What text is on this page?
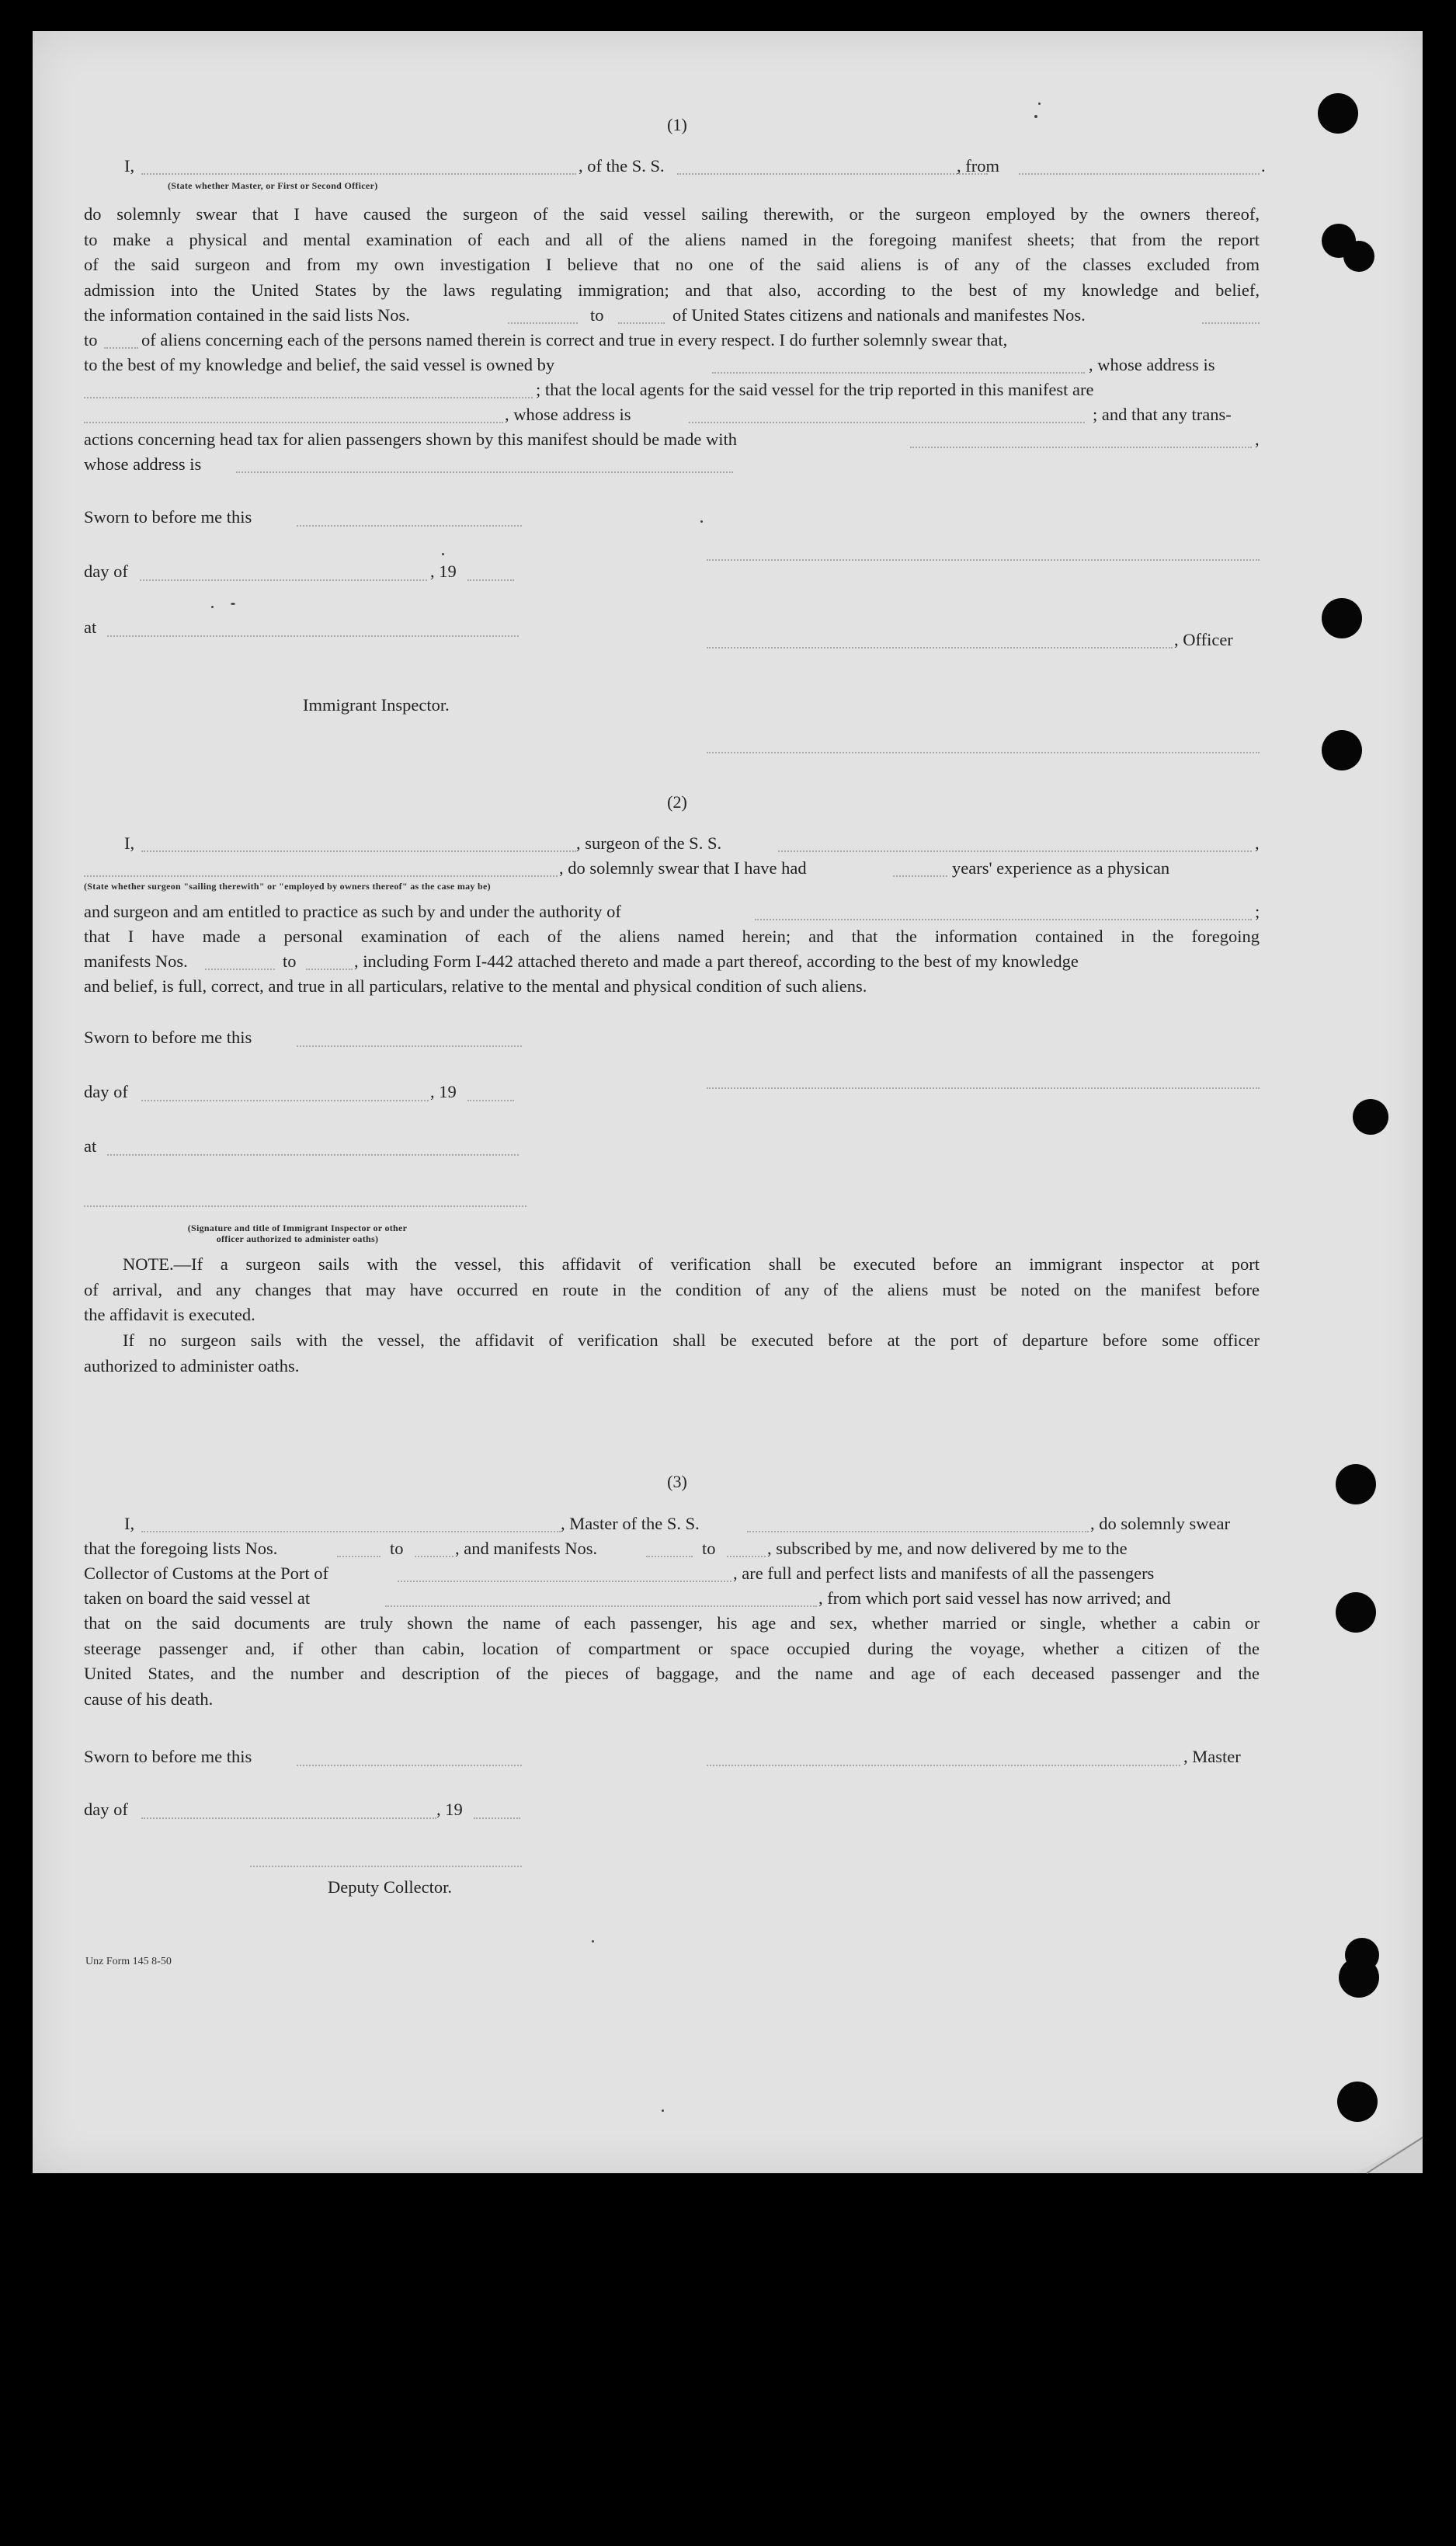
(1)
I,	, of the S. S.	, from	.
(State whether Master, or First or Second Officer)
do solemnly swear that I have caused the surgeon of the said vessel sailing therewith, or the surgeon employed by the owners thereof,
to make a physical and mental examination of each and all of the aliens named in the foregoing manifest sheets; that from the report
of the said surgeon and from my own investigation I believe that no one of the said aliens is of any of the classes excluded from
admission into the United States by the laws regulating immigration; and that also, according to the best of my knowledge and belief,
the information contained in the said lists Nos.	to	of United States citizens and nationals and manifestes Nos.
to	of aliens concerning each of the persons named therein is correct and true in every respect. I do further solemnly swear that,
to the best of my knowledge and belief, the said vessel is owned by	, whose address is
; that the local agents for the said vessel for the trip reported in this manifest are
, whose address is	; and that any trans-
actions concerning head tax for alien passengers shown by this manifest should be made with	,
whose address is
Sworn to before me this
day of	, 19
at
, Officer
Immigrant Inspector.
(2)
I,	, surgeon of the S. S.	,
, do solemnly swear that I have had	years' experience as a physican
(State whether surgeon "sailing therewith" or "employed by owners thereof" as the case may be)
and surgeon and am entitled to practice as such by and under the authority of	;
that I have made a personal examination of each of the aliens named herein; and that the information contained in the foregoing
manifests Nos.	to	, including Form I-442 attached thereto and made a part thereof, according to the best of my knowledge
and belief, is full, correct, and true in all particulars, relative to the mental and physical condition of such aliens.
Sworn to before me this
day of	, 19
at
(Signature and title of Immigrant Inspector or other
officer authorized to administer oaths)
NOTE.—If a surgeon sails with the vessel, this affidavit of verification shall be executed before an immigrant inspector at port
of arrival, and any changes that may have occurred en route in the condition of any of the aliens must be noted on the manifest before
the affidavit is executed.
If no surgeon sails with the vessel, the affidavit of verification shall be executed before at the port of departure before some officer
authorized to administer oaths.
(3)
I,	, Master of the S. S.	, do solemnly swear
that the foregoing lists Nos.	to	, and manifests Nos.	to	, subscribed by me, and now delivered by me to the
Collector of Customs at the Port of	, are full and perfect lists and manifests of all the passengers
taken on board the said vessel at	, from which port said vessel has now arrived; and
that on the said documents are truly shown the name of each passenger, his age and sex, whether married or single, whether a cabin or
steerage passenger and, if other than cabin, location of compartment or space occupied during the voyage, whether a citizen of the
United States, and the number and description of the pieces of baggage, and the name and age of each deceased passenger and the
cause of his death.
Sworn to before me this	, Master
day of	, 19
Deputy Collector.
Unz Form 145 8-50
